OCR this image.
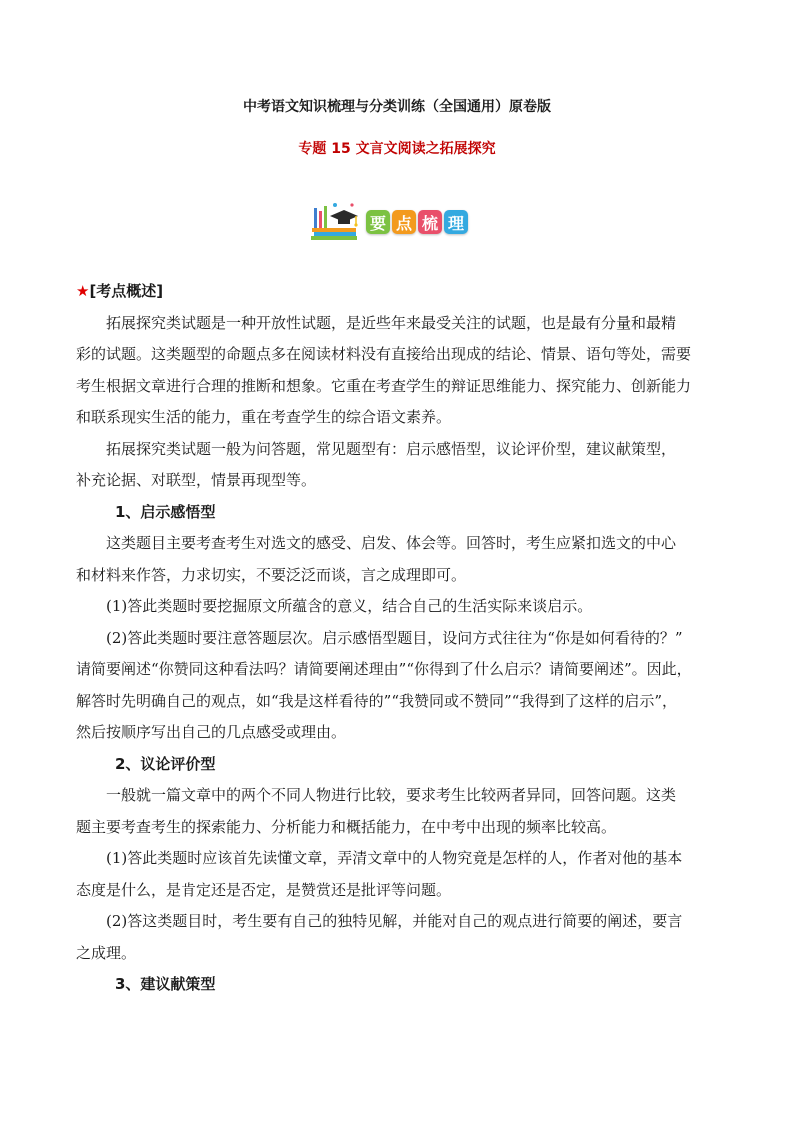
中考语文知识梳理与分类训练（全国通用）原卷版
专题 15 文言文阅读之拓展探究
要 点 梳 理

★[考点概述]

拓展探究类试题是一种开放性试题，是近些年来最受关注的试题，也是最有分量和最精
彩的试题。这类题型的命题点多在阅读材料没有直接给出现成的结论、情景、语句等处，需要
考生根据文章进行合理的推断和想象。它重在考查学生的辩证思维能力、探究能力、创新能力
和联系现实生活的能力，重在考查学生的综合语文素养。

拓展探究类试题一般为问答题，常见题型有：启示感悟型，议论评价型，建议献策型，
补充论据、对联型，情景再现型等。

1、启示感悟型

这类题目主要考查考生对选文的感受、启发、体会等。回答时，考生应紧扣选文的中心
和材料来作答，力求切实，不要泛泛而谈，言之成理即可。

(1)答此类题时要挖掘原文所蕴含的意义，结合自己的生活实际来谈启示。

(2)答此类题时要注意答题层次。启示感悟型题目，设问方式往往为“你是如何看待的？”
请简要阐述“你赞同这种看法吗？请简要阐述理由”“你得到了什么启示？请简要阐述”。因此，
解答时先明确自己的观点，如“我是这样看待的”“我赞同或不赞同”“我得到了这样的启示”，
然后按顺序写出自己的几点感受或理由。

2、议论评价型

一般就一篇文章中的两个不同人物进行比较，要求考生比较两者异同，回答问题。这类
题主要考查考生的探索能力、分析能力和概括能力，在中考中出现的频率比较高。

(1)答此类题时应该首先读懂文章，弄清文章中的人物究竟是怎样的人，作者对他的基本
态度是什么，是肯定还是否定，是赞赏还是批评等问题。

(2)答这类题目时，考生要有自己的独特见解，并能对自己的观点进行简要的阐述，要言
之成理。

3、建议献策型
